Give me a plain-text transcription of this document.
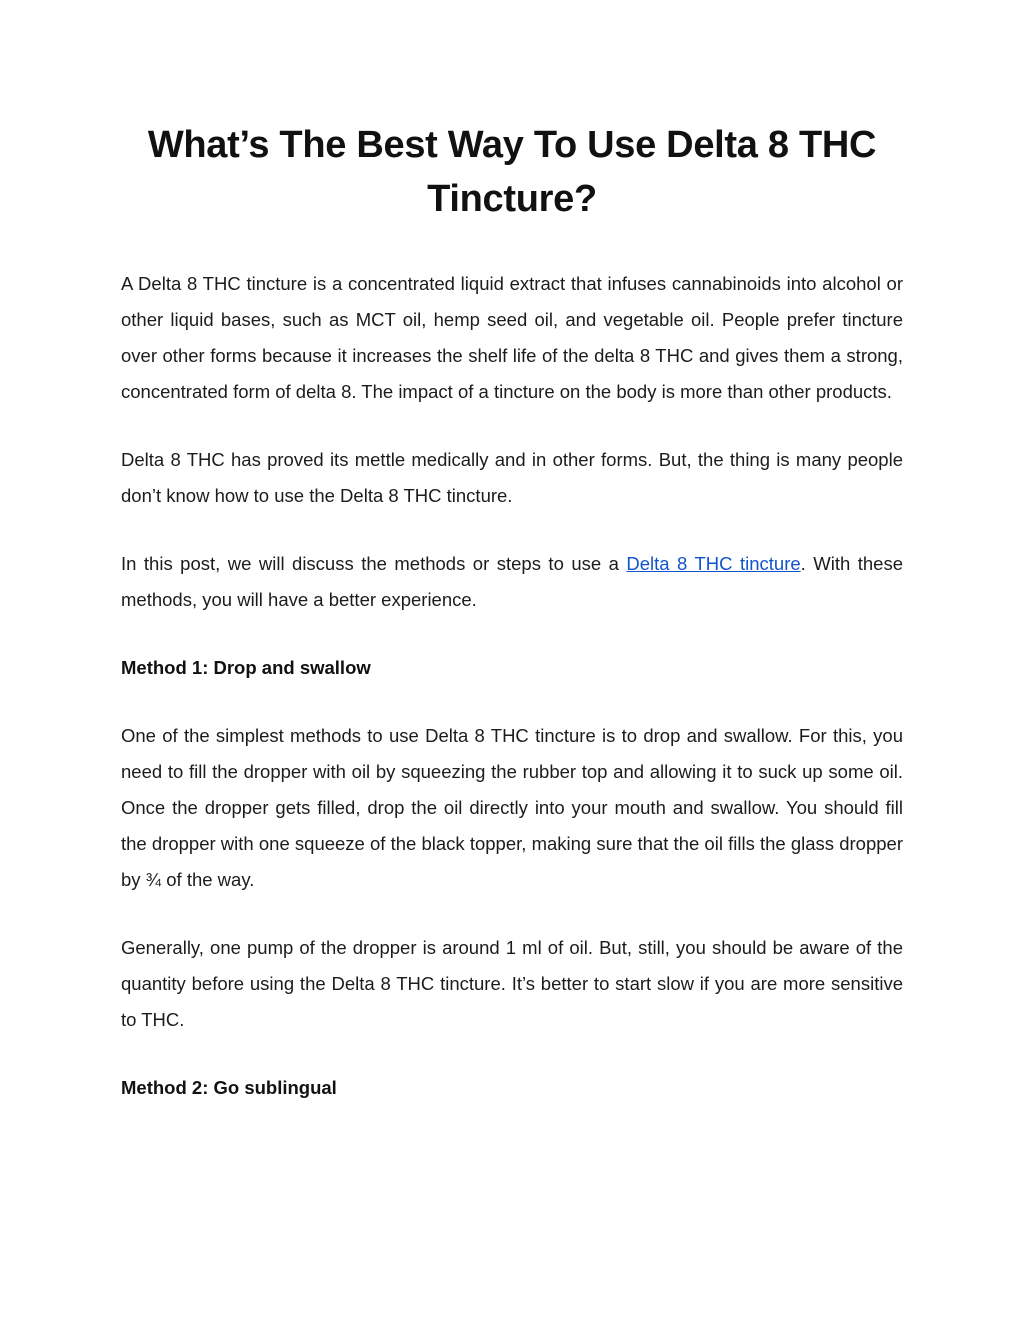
What’s The Best Way To Use Delta 8 THC Tincture?

A Delta 8 THC tincture is a concentrated liquid extract that infuses cannabinoids into alcohol or other liquid bases, such as MCT oil, hemp seed oil, and vegetable oil. People prefer tincture over other forms because it increases the shelf life of the delta 8 THC and gives them a strong, concentrated form of delta 8. The impact of a tincture on the body is more than other products.

Delta 8 THC has proved its mettle medically and in other forms. But, the thing is many people don’t know how to use the Delta 8 THC tincture.

In this post, we will discuss the methods or steps to use a Delta 8 THC tincture. With these methods, you will have a better experience.

Method 1: Drop and swallow

One of the simplest methods to use Delta 8 THC tincture is to drop and swallow. For this, you need to fill the dropper with oil by squeezing the rubber top and allowing it to suck up some oil. Once the dropper gets filled, drop the oil directly into your mouth and swallow. You should fill the dropper with one squeeze of the black topper, making sure that the oil fills the glass dropper by ¾ of the way.

Generally, one pump of the dropper is around 1 ml of oil. But, still, you should be aware of the quantity before using the Delta 8 THC tincture. It’s better to start slow if you are more sensitive to THC.

Method 2: Go sublingual
